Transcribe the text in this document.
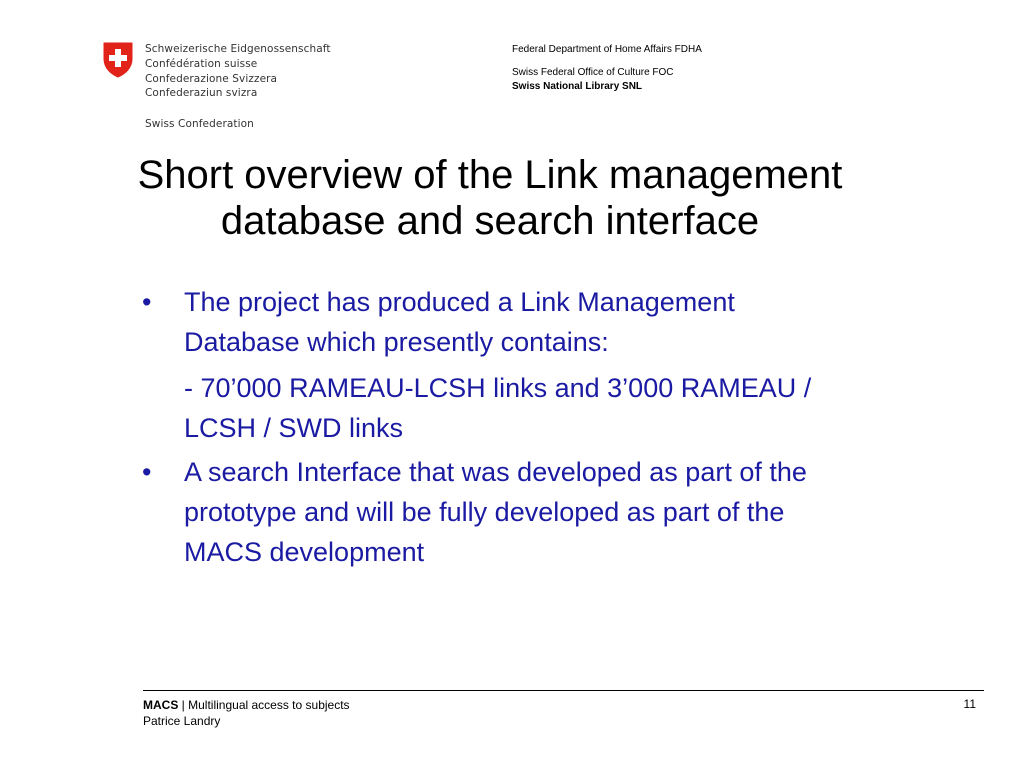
Schweizerische Eidgenossenschaft
Confédération suisse
Confederazione Svizzera
Confederaziun svizra
Swiss Confederation
Federal Department of Home Affairs FDHA
Swiss Federal Office of Culture FOC
Swiss National Library SNL
Short overview of the Link management
database and search interface
• The project has produced a Link Management
Database which presently contains:
- 70’000 RAMEAU-LCSH links and 3’000 RAMEAU /
LCSH / SWD links
• A search Interface that was developed as part of the
prototype and will be fully developed as part of the
MACS development
MACS | Multilingual access to subjects
Patrice Landry
11
